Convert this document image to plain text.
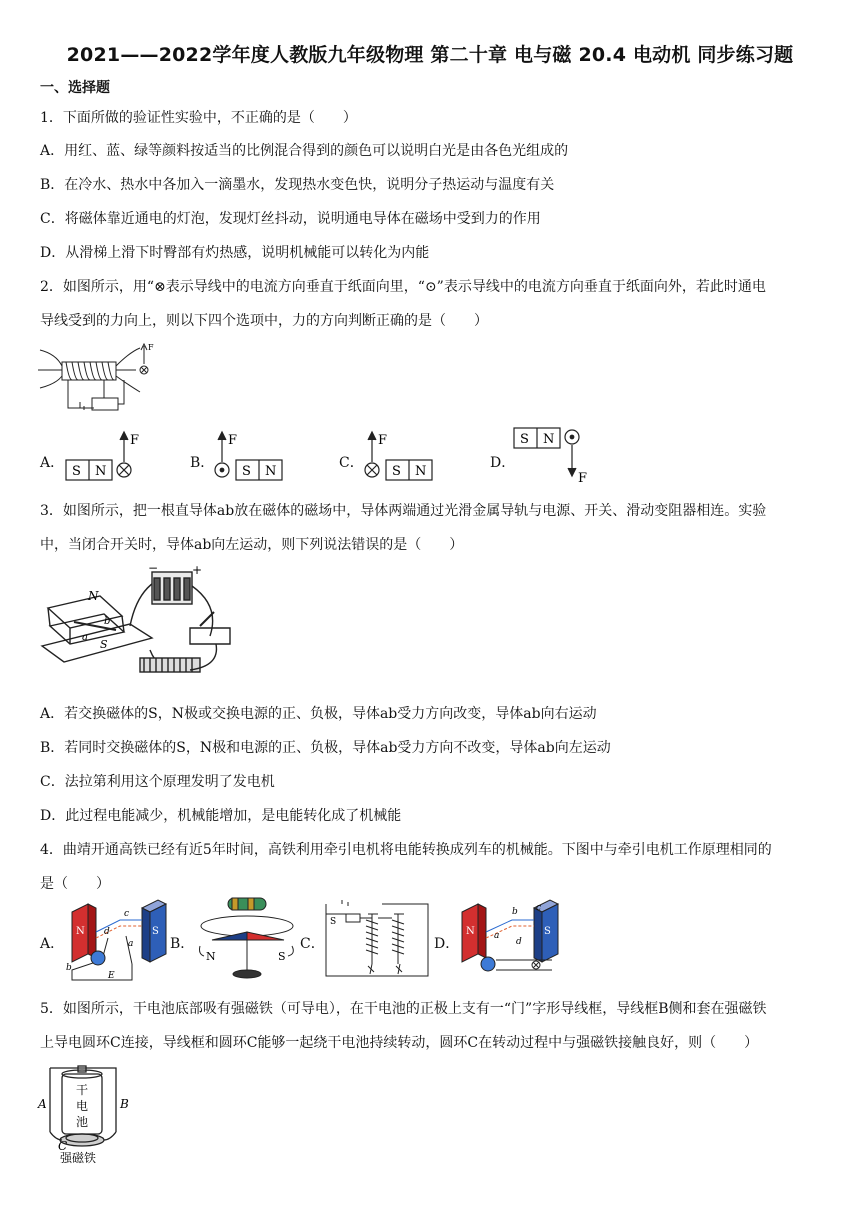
2021——2022学年度人教版九年级物理 第二十章 电与磁 20.4 电动机 同步练习题
一、选择题
1．下面所做的验证性实验中，不正确的是（　　）
A．用红、蓝、绿等颜料按适当的比例混合得到的颜色可以说明白光是由各色光组成的
B．在冷水、热水中各加入一滴墨水，发现热水变色快，说明分子热运动与温度有关
C．将磁体靠近通电的灯泡，发现灯丝抖动，说明通电导体在磁场中受到力的作用
D．从滑梯上滑下时臀部有灼热感，说明机械能可以转化为内能
2．如图所示，用“⊗表示导线中的电流方向垂直于纸面向里，“⊙”表示导线中的电流方向垂直于纸面向外，若此时通电
导线受到的力向上，则以下四个选项中，力的方向判断正确的是（　　）
F
A．
S N
F
B．
F
S N
C．
F
S N
D．
S N
F
3．如图所示，把一根直导体ab放在磁体的磁场中，导体两端通过光滑金属导轨与电源、开关、滑动变阻器相连。实验
中，当闭合开关时，导体ab向左运动，则下列说法错误的是（　　）
N
S
−	+
b
a
A．若交换磁体的S，N极或交换电源的正、负极，导体ab受力方向改变，导体ab向右运动
B．若同时交换磁体的S，N极和电源的正、负极，导体ab受力方向不改变，导体ab向左运动
C．法拉第利用这个原理发明了发电机
D．此过程电能减少，机械能增加，是电能转化成了机械能
4．曲靖开通高铁已经有近5年时间，高铁利用牵引电机将电能转换成列车的机械能。下图中与牵引电机工作原理相同的
是（　　）
A．
N	S
c
d
a
b
E
B．
N	S
C．
S
D．
N	S
c
b
a
d
5．如图所示，干电池底部吸有强磁铁（可导电），在干电池的正极上支有一“门”字形导线框，导线框B侧和套在强磁铁
上导电圆环C连接，导线框和圆环C能够一起绕干电池持续转动，圆环C在转动过程中与强磁铁接触良好，则（　　）
干
电
池
A	B
C
强磁铁
